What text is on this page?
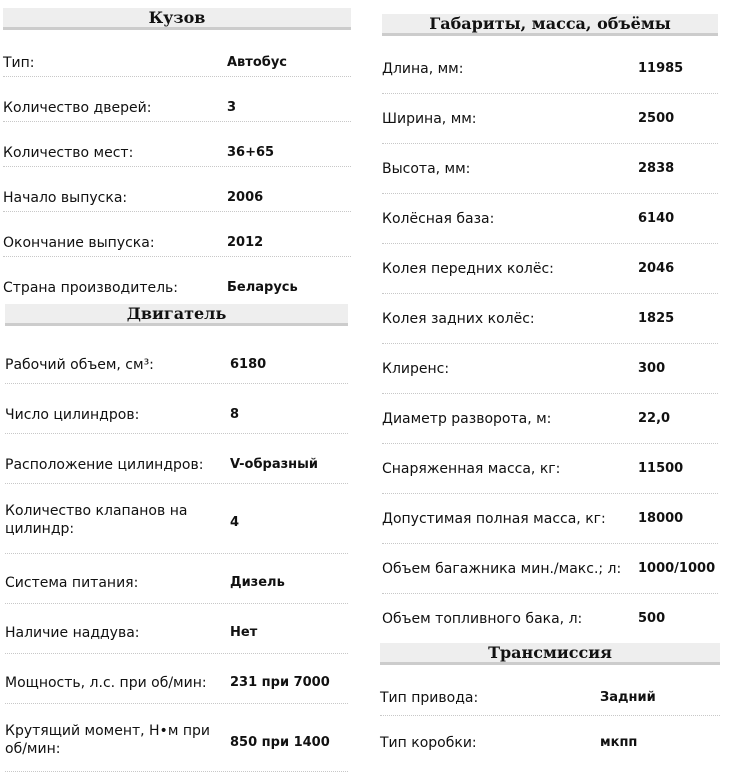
Кузов
Тип:	Автобус
Количество дверей:	3
Количество мест:	36+65
Начало выпуска:	2006
Окончание выпуска:	2012
Страна производитель:	Беларусь
Двигатель
Рабочий объем, см³:	6180
Число цилиндров:	8
Расположение цилиндров: V-образный
Количество клапанов на цилиндр:	4
Система питания:	Дизель
Наличие наддува:	Нет
Мощность, л.с. при об/мин: 231 при 7000
Крутящий момент, Н•м при об/мин:	850 при 1400
Габариты, масса, объёмы
Длина, мм:	11985
Ширина, мм:	2500
Высота, мм:	2838
Колёсная база:	6140
Колея передних колёс:	2046
Колея задних колёс:	1825
Клиренс:	300
Диаметр разворота, м:	22,0
Снаряженная масса, кг:	11500
Допустимая полная масса, кг: 18000
Объем багажника мин./макс.; л: 1000/1000
Объем топливного бака, л:	500
Трансмиссия
Тип привода:	Задний
Тип коробки:	мкпп
